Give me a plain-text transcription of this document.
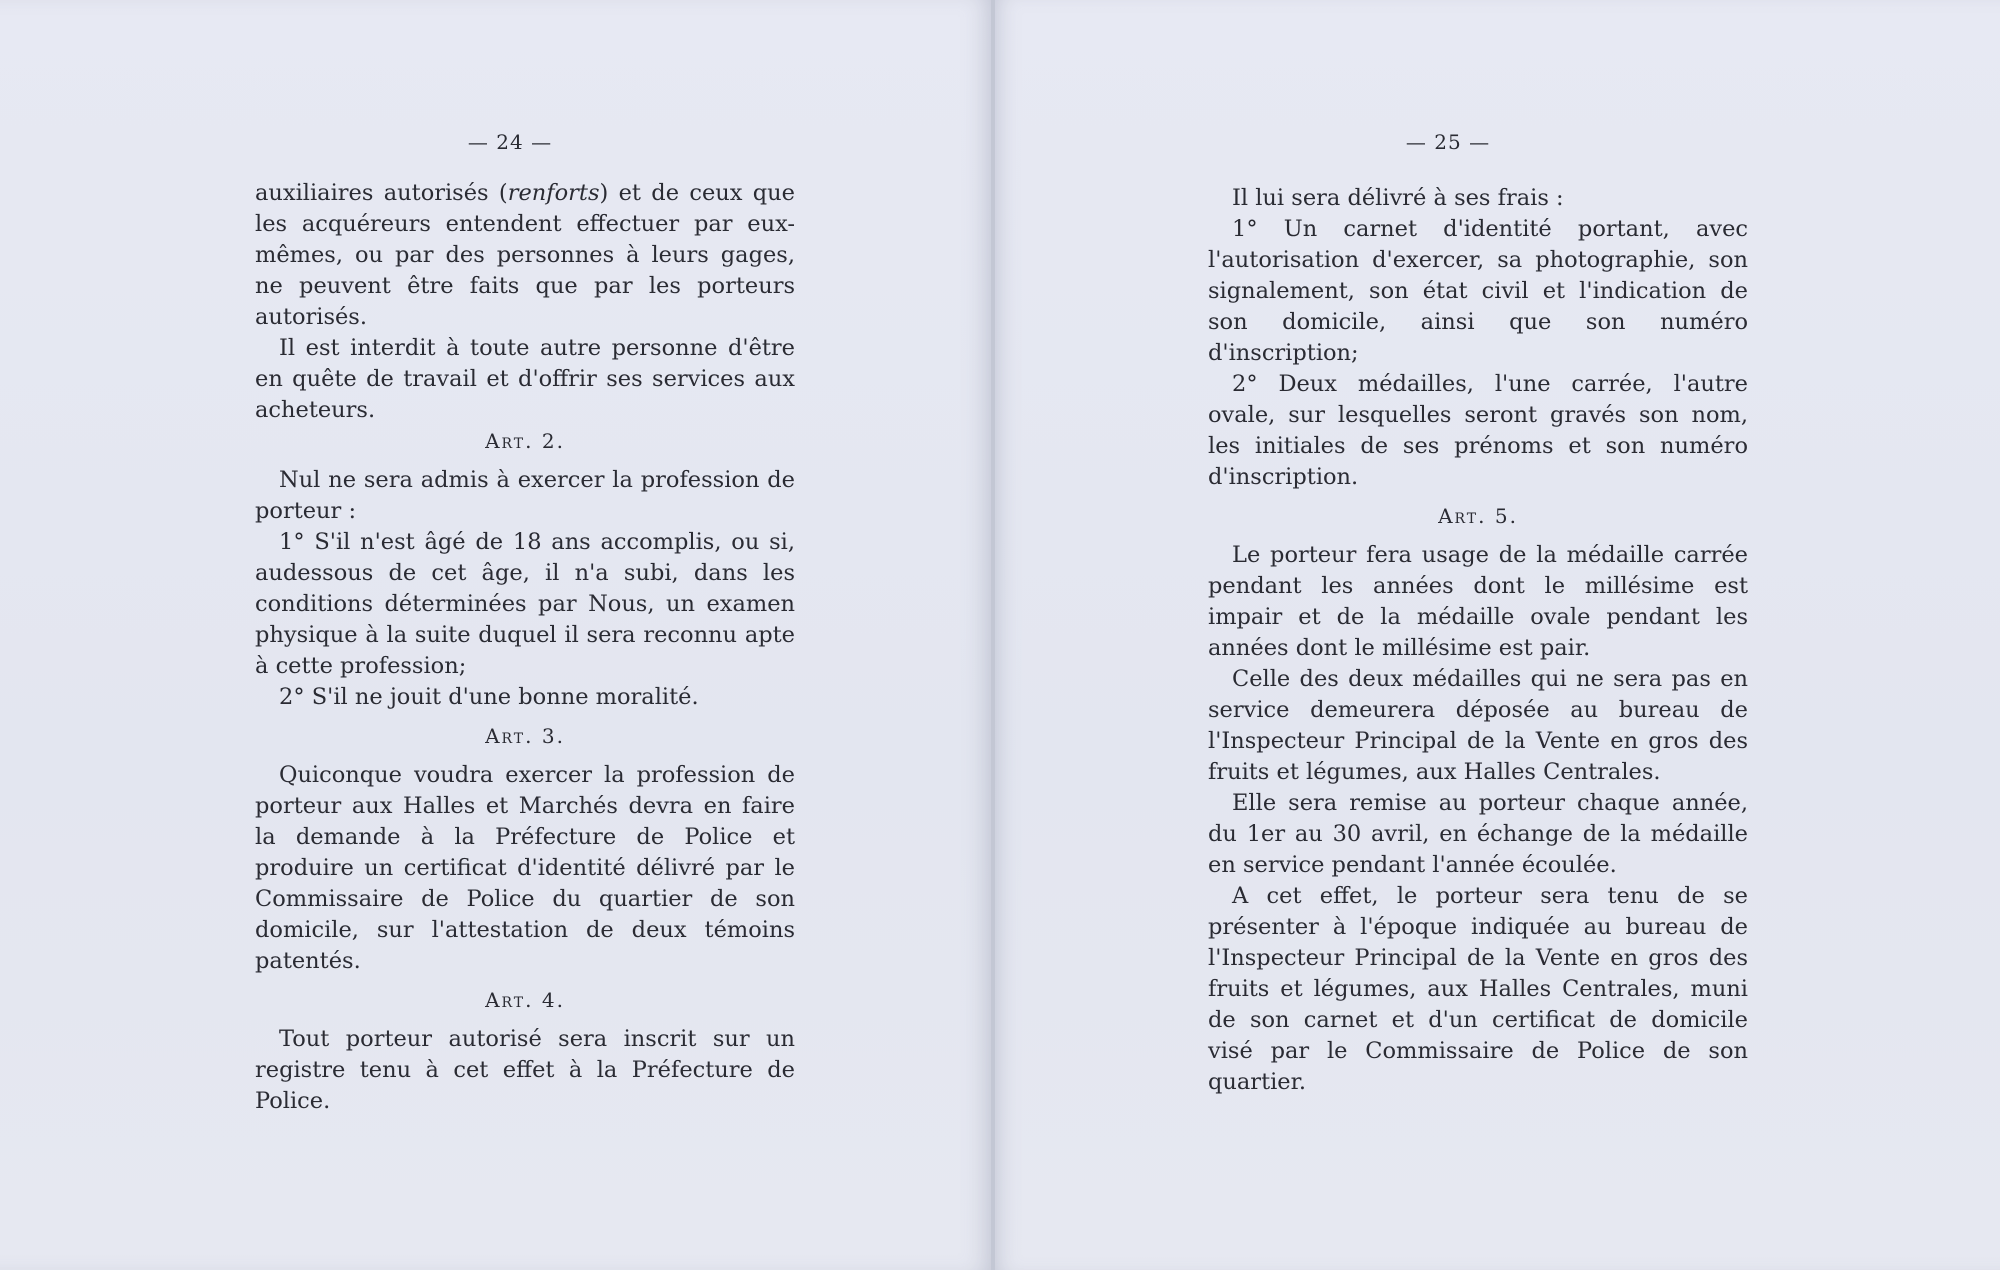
— 24 —

auxiliaires autorisés (renforts) et de ceux que les acquéreurs entendent effectuer par eux-mêmes, ou par des personnes à leurs gages, ne peuvent être faits que par les porteurs autorisés.

Il est interdit à toute autre personne d'être en quête de travail et d'offrir ses services aux acheteurs.

Art. 2.

Nul ne sera admis à exercer la profession de porteur :

1° S'il n'est âgé de 18 ans accomplis, ou si, audessous de cet âge, il n'a subi, dans les conditions déterminées par Nous, un examen physique à la suite duquel il sera reconnu apte à cette profession;

2° S'il ne jouit d'une bonne moralité.

Art. 3.

Quiconque voudra exercer la profession de porteur aux Halles et Marchés devra en faire la demande à la Préfecture de Police et produire un certificat d'identité délivré par le Commissaire de Police du quartier de son domicile, sur l'attestation de deux témoins patentés.

Art. 4.

Tout porteur autorisé sera inscrit sur un registre tenu à cet effet à la Préfecture de Police.

— 25 —

Il lui sera délivré à ses frais :

1° Un carnet d'identité portant, avec l'autorisation d'exercer, sa photographie, son signalement, son état civil et l'indication de son domicile, ainsi que son numéro d'inscription;

2° Deux médailles, l'une carrée, l'autre ovale, sur lesquelles seront gravés son nom, les initiales de ses prénoms et son numéro d'inscription.

Art. 5.

Le porteur fera usage de la médaille carrée pendant les années dont le millésime est impair et de la médaille ovale pendant les années dont le millésime est pair.

Celle des deux médailles qui ne sera pas en service demeurera déposée au bureau de l'Inspecteur Principal de la Vente en gros des fruits et légumes, aux Halles Centrales.

Elle sera remise au porteur chaque année, du 1er au 30 avril, en échange de la médaille en service pendant l'année écoulée.

A cet effet, le porteur sera tenu de se présenter à l'époque indiquée au bureau de l'Inspecteur Principal de la Vente en gros des fruits et légumes, aux Halles Centrales, muni de son carnet et d'un certificat de domicile visé par le Commissaire de Police de son quartier.
